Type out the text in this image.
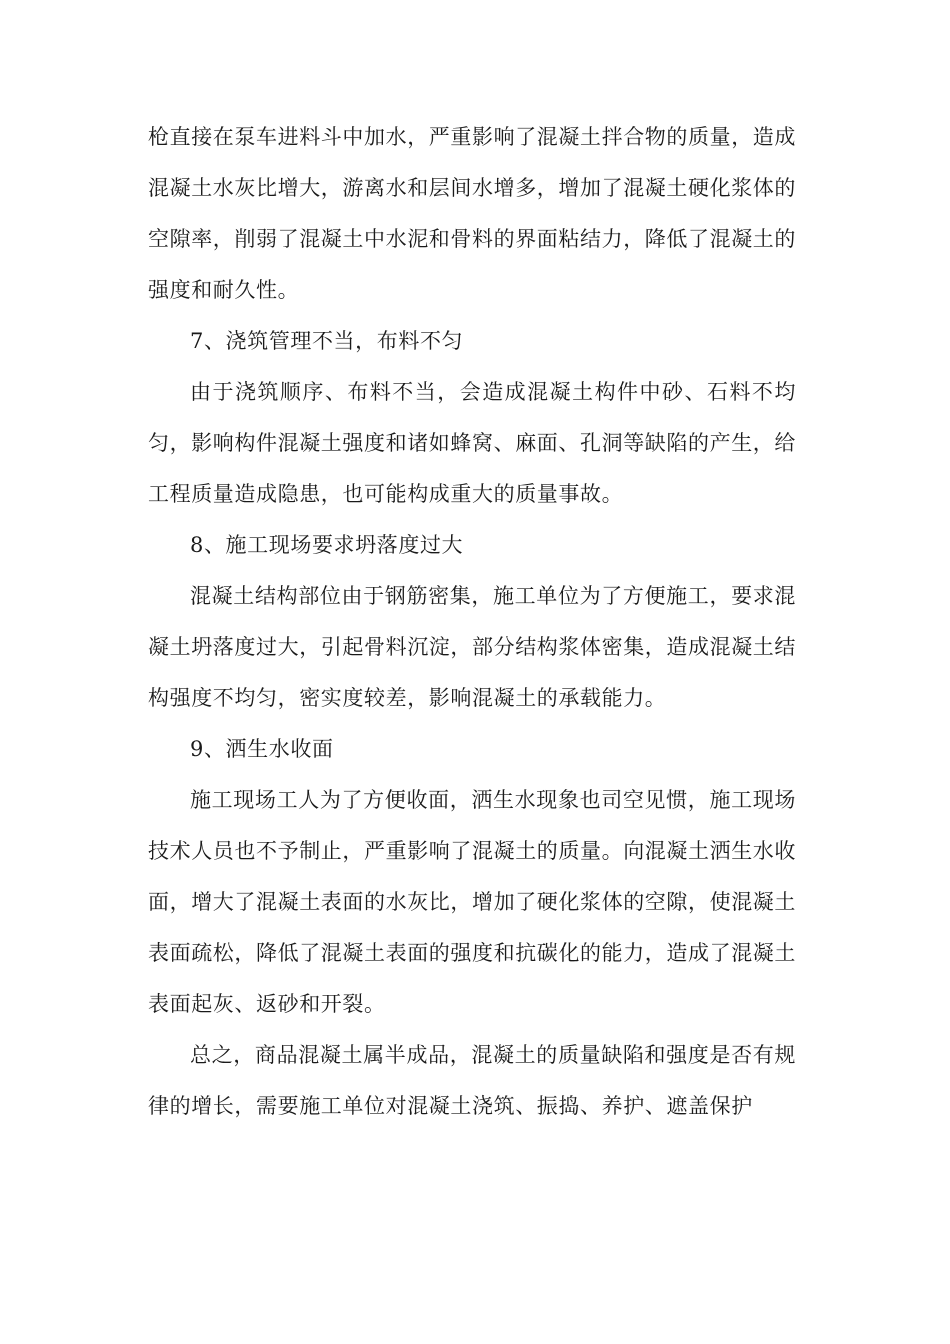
枪直接在泵车进料斗中加水，严重影响了混凝土拌合物的质量，造成混凝土水灰比增大，游离水和层间水增多，增加了混凝土硬化浆体的空隙率，削弱了混凝土中水泥和骨料的界面粘结力，降低了混凝土的强度和耐久性。

7、浇筑管理不当，布料不匀

由于浇筑顺序、布料不当，会造成混凝土构件中砂、石料不均匀，影响构件混凝土强度和诸如蜂窝、麻面、孔洞等缺陷的产生，给工程质量造成隐患，也可能构成重大的质量事故。

8、施工现场要求坍落度过大

混凝土结构部位由于钢筋密集，施工单位为了方便施工，要求混凝土坍落度过大，引起骨料沉淀，部分结构浆体密集，造成混凝土结构强度不均匀，密实度较差，影响混凝土的承载能力。

9、洒生水收面

施工现场工人为了方便收面，洒生水现象也司空见惯，施工现场技术人员也不予制止，严重影响了混凝土的质量。向混凝土洒生水收面，增大了混凝土表面的水灰比，增加了硬化浆体的空隙，使混凝土表面疏松，降低了混凝土表面的强度和抗碳化的能力，造成了混凝土表面起灰、返砂和开裂。

总之，商品混凝土属半成品，混凝土的质量缺陷和强度是否有规律的增长，需要施工单位对混凝土浇筑、振捣、养护、遮盖保护
